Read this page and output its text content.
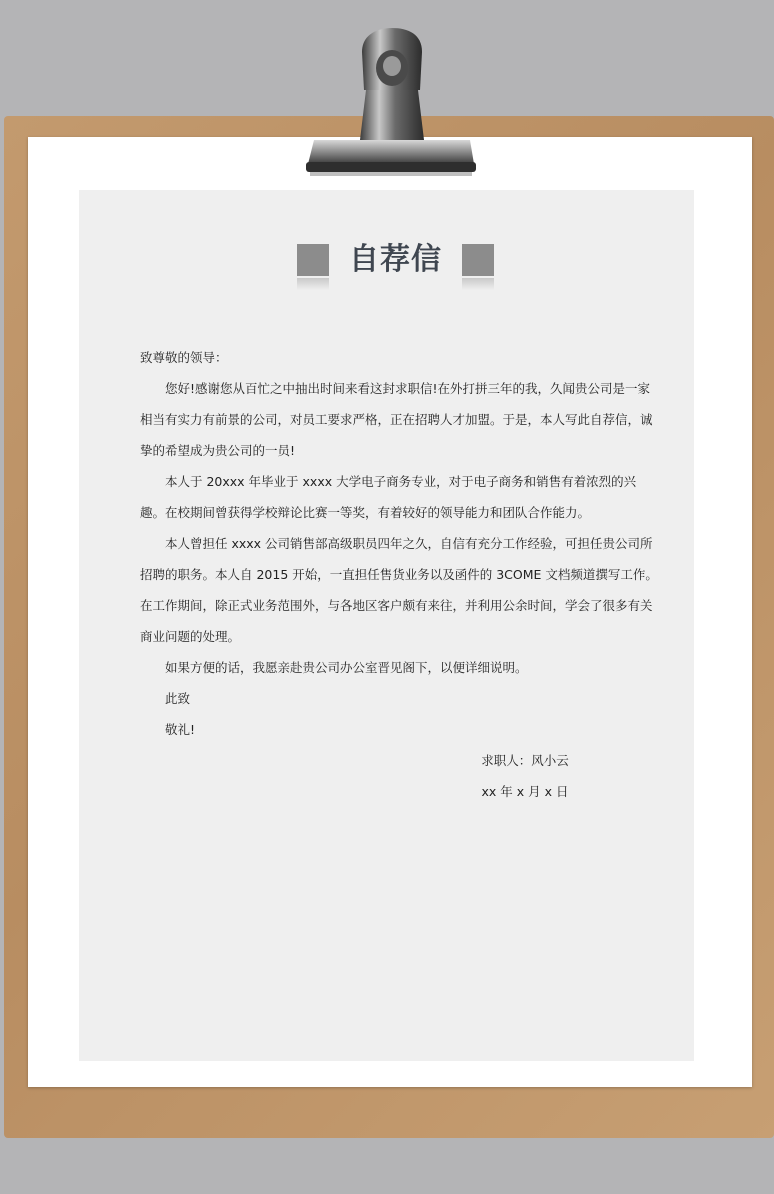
自荐信

致尊敬的领导：

您好!感谢您从百忙之中抽出时间来看这封求职信!在外打拼三年的我，久闻贵公司是一家相当有实力有前景的公司，对员工要求严格，正在招聘人才加盟。于是，本人写此自荐信，诚挚的希望成为贵公司的一员!

本人于 20xxx 年毕业于 xxxx 大学电子商务专业，对于电子商务和销售有着浓烈的兴趣。在校期间曾获得学校辩论比赛一等奖，有着较好的领导能力和团队合作能力。

本人曾担任 xxxx 公司销售部高级职员四年之久，自信有充分工作经验，可担任贵公司所招聘的职务。本人自 2015 开始，一直担任售货业务以及函件的 3COME 文档频道撰写工作。在工作期间，除正式业务范围外，与各地区客户颇有来往，并利用公余时间，学会了很多有关商业问题的处理。

如果方便的话，我愿亲赴贵公司办公室晋见阁下，以便详细说明。

此致

敬礼!

求职人：风小云
xx 年 x 月 x 日
